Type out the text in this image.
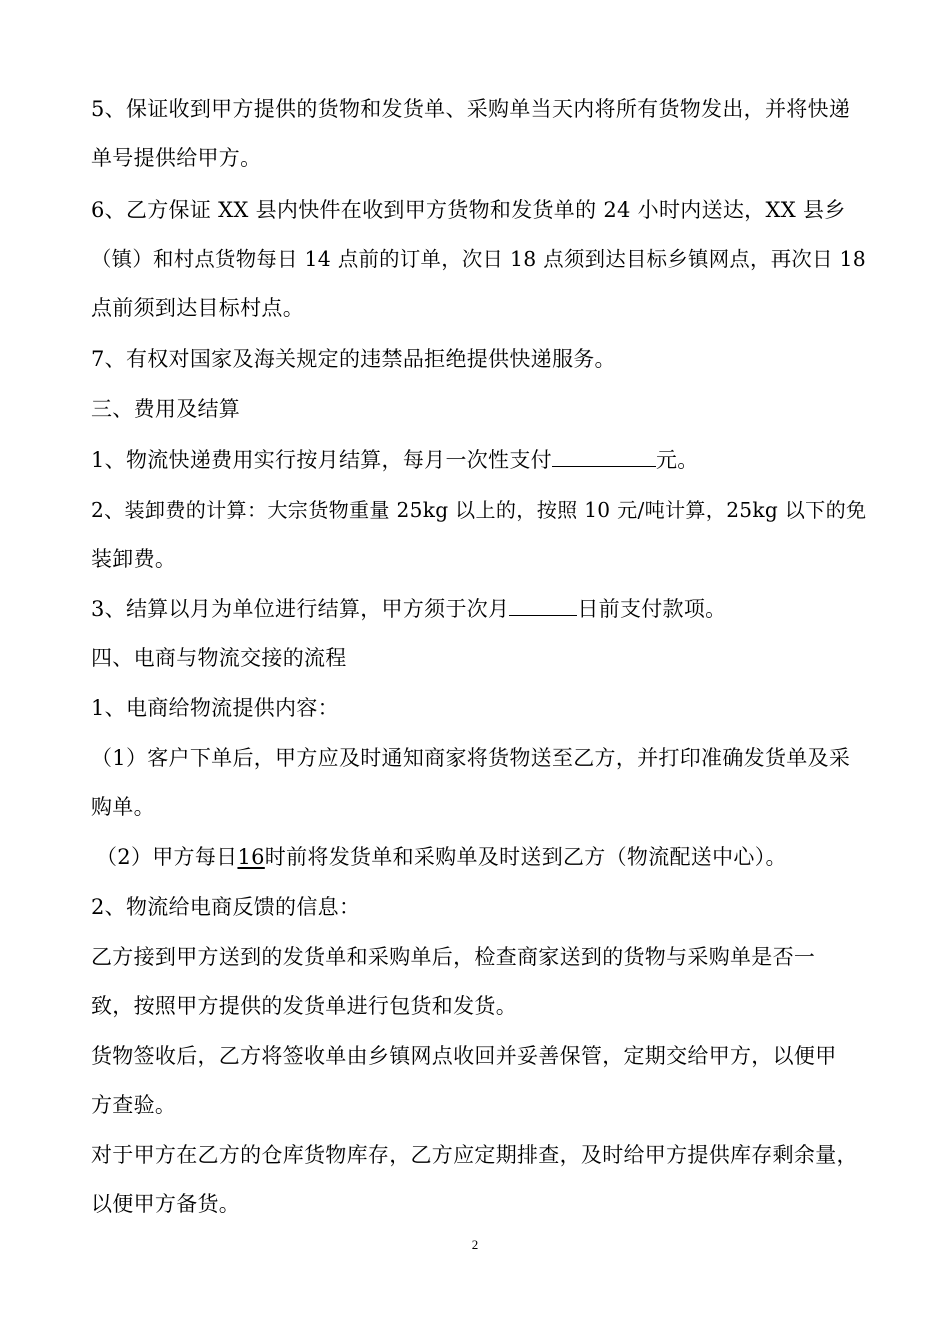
5、保证收到甲方提供的货物和发货单、采购单当天内将所有货物发出，并将快递
单号提供给甲方。
6、乙方保证 XX 县内快件在收到甲方货物和发货单的 24 小时内送达，XX 县乡
（镇）和村点货物每日 14 点前的订单，次日 18 点须到达目标乡镇网点，再次日 18
点前须到达目标村点。
7、有权对国家及海关规定的违禁品拒绝提供快递服务。
三、费用及结算
1、物流快递费用实行按月结算，每月一次性支付	元。
2、装卸费的计算：大宗货物重量 25kg 以上的，按照 10 元/吨计算，25kg 以下的免
装卸费。
3、结算以月为单位进行结算，甲方须于次月	日前支付款项。
四、电商与物流交接的流程
1、电商给物流提供内容：
（1）客户下单后，甲方应及时通知商家将货物送至乙方，并打印准确发货单及采
购单。
（2）甲方每日16时前将发货单和采购单及时送到乙方（物流配送中心）。
2、物流给电商反馈的信息：
乙方接到甲方送到的发货单和采购单后，检查商家送到的货物与采购单是否一
致，按照甲方提供的发货单进行包货和发货。
货物签收后，乙方将签收单由乡镇网点收回并妥善保管，定期交给甲方，以便甲
方查验。
对于甲方在乙方的仓库货物库存，乙方应定期排查，及时给甲方提供库存剩余量，
以便甲方备货。
2
